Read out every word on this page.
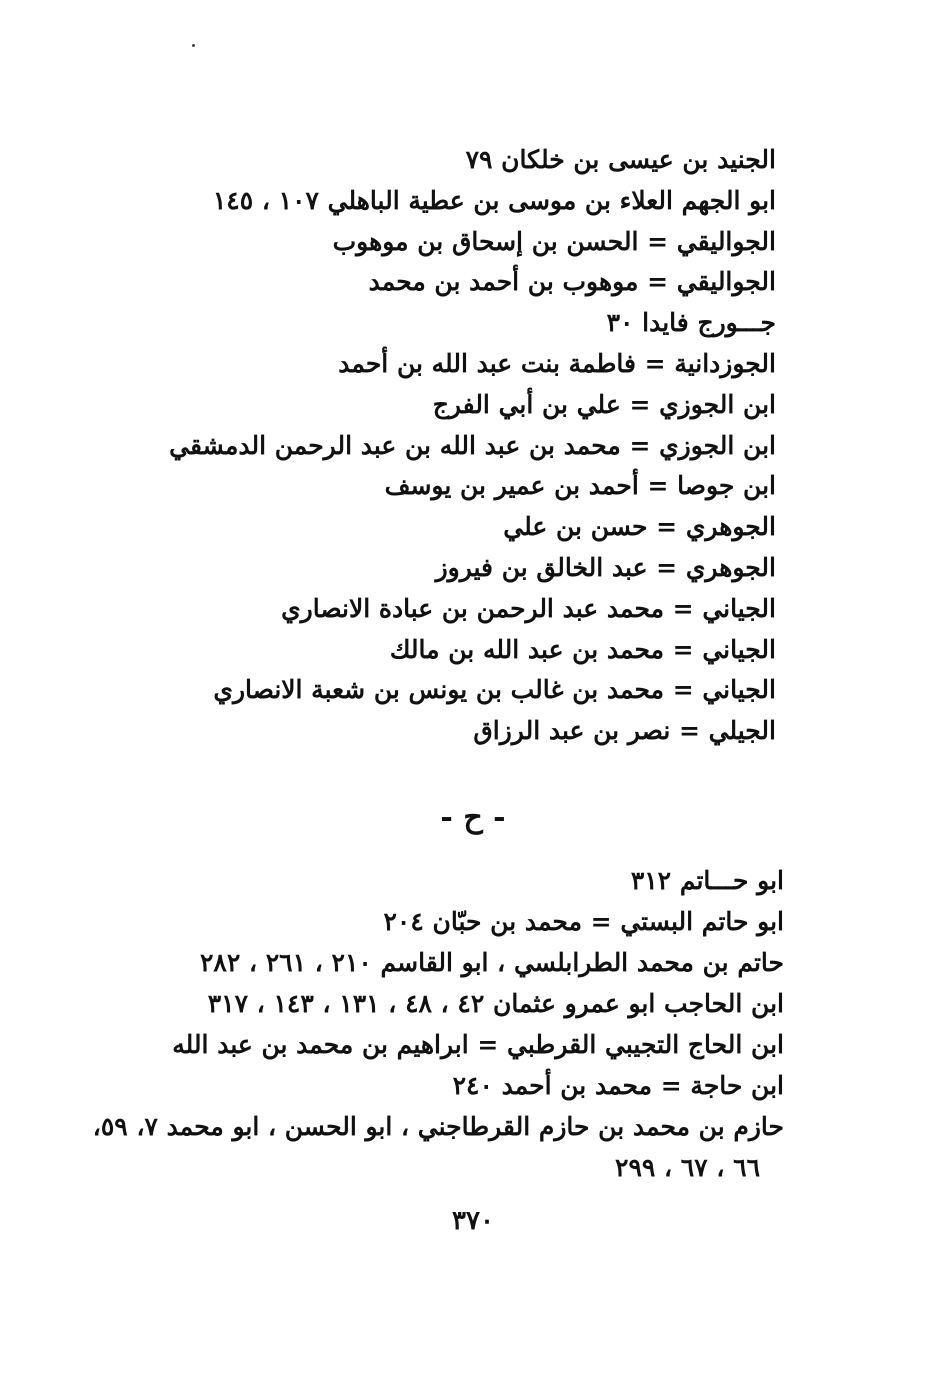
الجنيد بن عيسى بن خلكان ٧٩
ابو الجهم العلاء بن موسى بن عطية الباهلي ١٠٧ ، ١٤٥
الجواليقي = الحسن بن إسحاق بن موهوب
الجواليقي = موهوب بن أحمد بن محمد
جـــورج فايدا ٣٠
الجوزدانية = فاطمة بنت عبد الله بن أحمد
ابن الجوزي = علي بن أبي الفرج
ابن الجوزي = محمد بن عبد الله بن عبد الرحمن الدمشقي
ابن جوصا = أحمد بن عمير بن يوسف
الجوهري = حسن بن علي
الجوهري = عبد الخالق بن فيروز
الجياني = محمد عبد الرحمن بن عبادة الانصاري
الجياني = محمد بن عبد الله بن مالك
الجياني = محمد بن غالب بن يونس بن شعبة الانصاري
الجيلي = نصر بن عبد الرزاق
- ح -
ابو حـــاتم ٣١٢
ابو حاتم البستي = محمد بن حبّان ٢٠٤
حاتم بن محمد الطرابلسي ، ابو القاسم ٢١٠ ، ٢٦١ ، ٢٨٢
ابن الحاجب ابو عمرو عثمان ٤٢ ، ٤٨ ، ١٣١ ، ١٤٣ ، ٣١٧
ابن الحاج التجيبي القرطبي = ابراهيم بن محمد بن عبد الله
ابن حاجة = محمد بن أحمد ٢٤٠
حازم بن محمد بن حازم القرطاجني ، ابو الحسن ، ابو محمد ٧، ٥٩،
٦٦ ، ٦٧ ، ٢٩٩
٣٧٠
